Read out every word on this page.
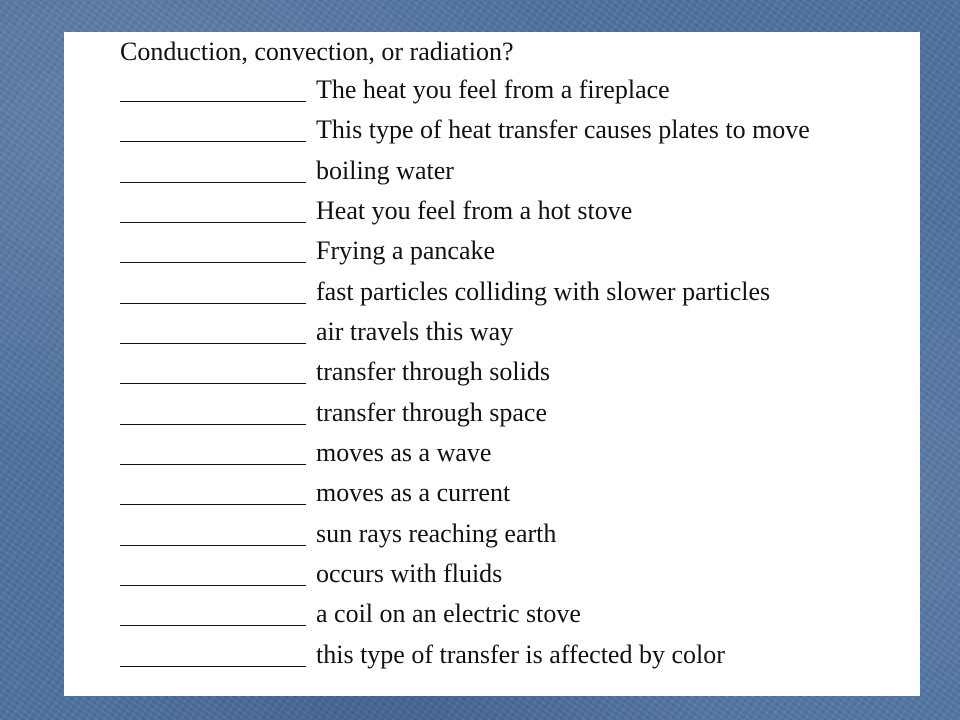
Conduction, convection, or radiation?

The heat you feel from a fireplace
This type of heat transfer causes plates to move
boiling water
Heat you feel from a hot stove
Frying a pancake
fast particles colliding with slower particles
air travels this way
transfer through solids
transfer through space
moves as a wave
moves as a current
sun rays reaching earth
occurs with fluids
a coil on an electric stove
this type of transfer is affected by color
